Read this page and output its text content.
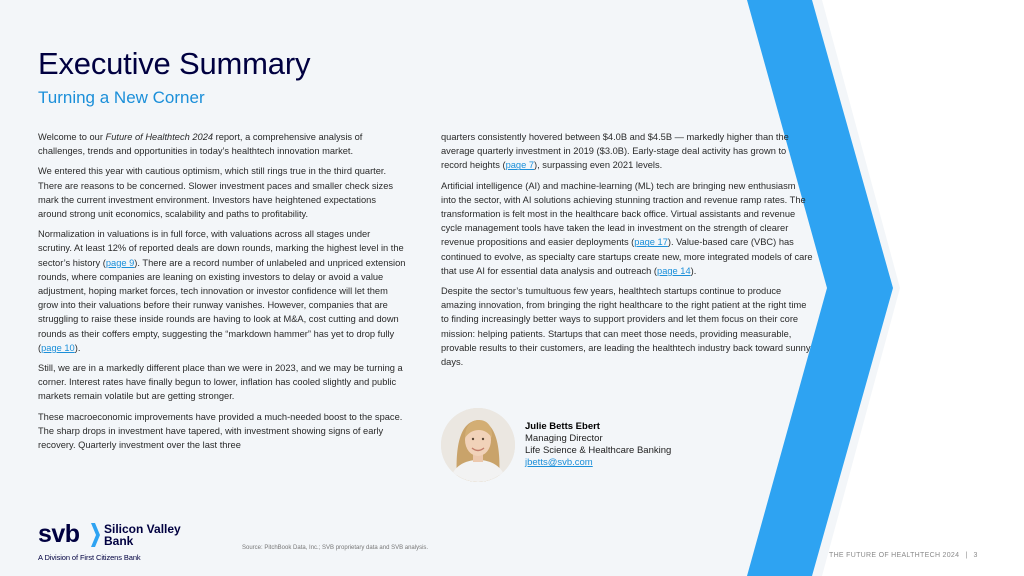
Executive Summary
Turning a New Corner

Welcome to our Future of Healthtech 2024 report, a comprehensive analysis of challenges, trends and opportunities in today’s healthtech innovation market.

We entered this year with cautious optimism, which still rings true in the third quarter. There are reasons to be concerned. Slower investment paces and smaller check sizes mark the current investment environment. Investors have heightened expectations around strong unit economics, scalability and paths to profitability.

Normalization in valuations is in full force, with valuations across all stages under scrutiny. At least 12% of reported deals are down rounds, marking the highest level in the sector’s history (page 9). There are a record number of unlabeled and unpriced extension rounds, where companies are leaning on existing investors to delay or avoid a value adjustment, hoping market forces, tech innovation or investor confidence will let them grow into their valuations before their runway vanishes. However, companies that are struggling to raise these inside rounds are having to look at M&A, cost cutting and down rounds as their coffers empty, suggesting the “markdown hammer” has yet to drop fully (page 10).

Still, we are in a markedly different place than we were in 2023, and we may be turning a corner. Interest rates have finally begun to lower, inflation has cooled slightly and public markets remain volatile but are getting stronger.

These macroeconomic improvements have provided a much-needed boost to the space. The sharp drops in investment have tapered, with investment showing signs of early recovery. Quarterly investment over the last three

quarters consistently hovered between $4.0B and $4.5B — markedly higher than the average quarterly investment in 2019 ($3.0B). Early-stage deal activity has grown to record heights (page 7), surpassing even 2021 levels.

Artificial intelligence (AI) and machine-learning (ML) tech are bringing new enthusiasm into the sector, with AI solutions achieving stunning traction and revenue ramp rates. The transformation is felt most in the healthcare back office. Virtual assistants and revenue cycle management tools have taken the lead in investment on the strength of clearer revenue propositions and easier deployments (page 17). Value-based care (VBC) has continued to evolve, as specialty care startups create new, more integrated models of care that use AI for essential data analysis and outreach (page 14).

Despite the sector’s tumultuous few years, healthtech startups continue to produce amazing innovation, from bringing the right healthcare to the right patient at the right time to finding increasingly better ways to support providers and let them focus on their core mission: helping patients. Startups that can meet those needs, providing measurable, provable results to their customers, are leading the healthtech industry back toward sunny days.

Julie Betts Ebert
Managing Director
Life Science & Healthcare Banking
jbetts@svb.com
svb Silicon Valley
Bank
A Division of First Citizens Bank
Source: PitchBook Data, Inc.; SVB proprietary data and SVB analysis.
THE FUTURE OF HEALTHTECH 2024 | 3
